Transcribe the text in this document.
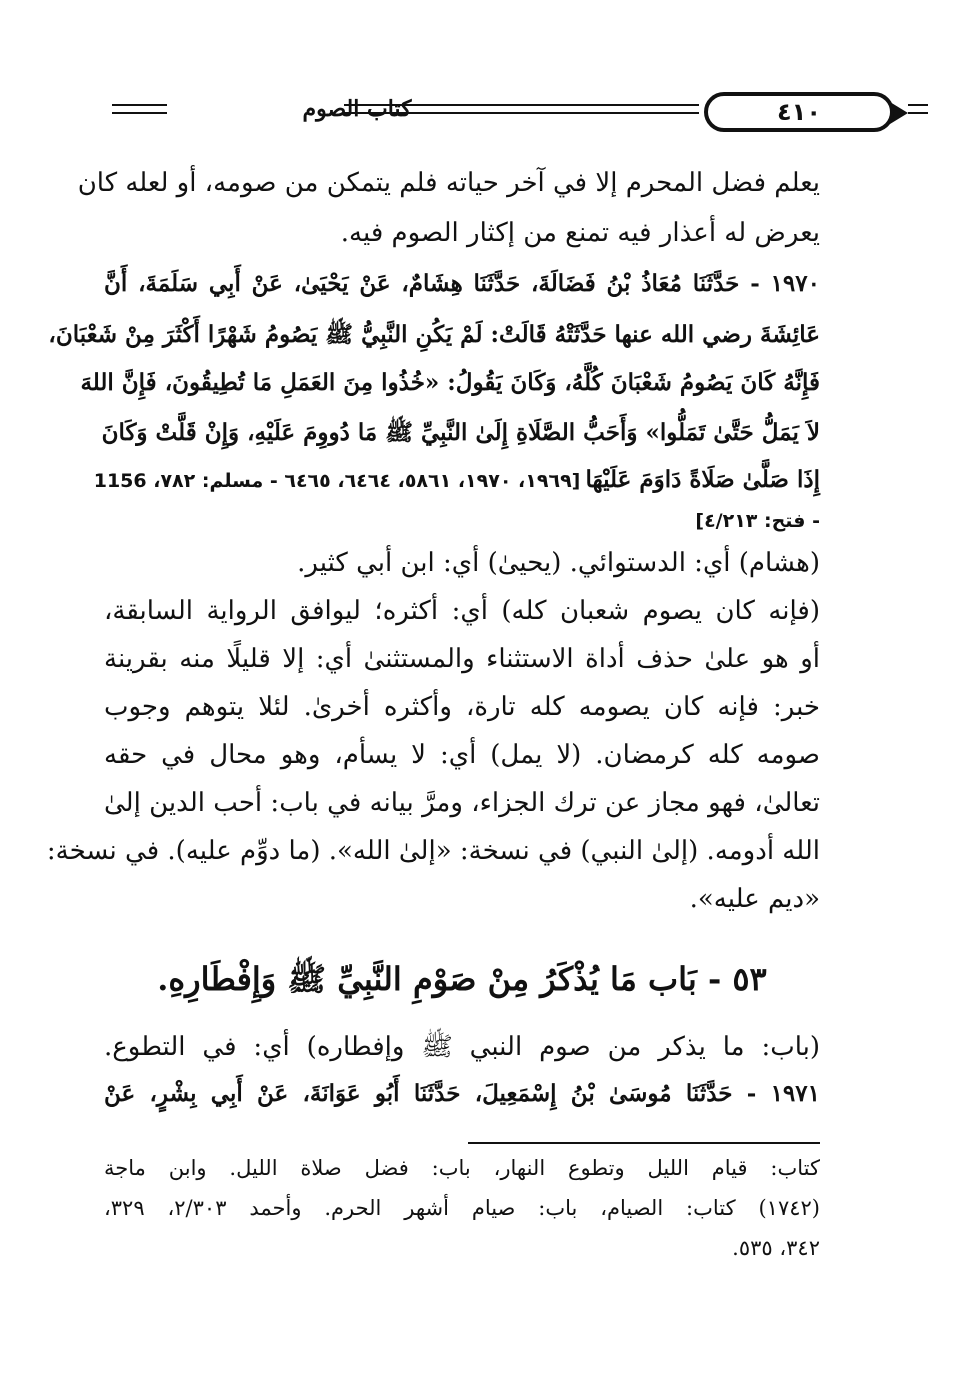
كتاب الصوم	٤١٠
يعلم فضل المحرم إلا في آخر حياته فلم يتمكن من صومه، أو لعله كان
يعرض له أعذار فيه تمنع من إكثار الصوم فيه.
١٩٧٠ - حَدَّثَنَا مُعَاذُ بْنُ فَضَالَةَ، حَدَّثَنَا هِشَامٌ، عَنْ يَحْيَىٰ، عَنْ أَبِي سَلَمَةَ، أَنَّ
عَائِشَةَ رضي الله عنها حَدَّثَتْهُ قَالَتْ: لَمْ يَكُنِ النَّبِيُّ ﷺ يَصُومُ شَهْرًا أَكْثَرَ مِنْ شَعْبَانَ،
فَإِنَّهُ كَانَ يَصُومُ شَعْبَانَ كُلَّهُ، وَكَانَ يَقُولُ: «خُذُوا مِنَ العَمَلِ مَا تُطِيقُونَ، فَإِنَّ اللهَ
لاَ يَمَلُّ حَتَّىٰ تَمَلُّوا» وَأَحَبُّ الصَّلَاةِ إِلَىٰ النَّبِيِّ ﷺ مَا دُووِمَ عَلَيْهِ، وَإِنْ قَلَّتْ وَكَانَ
إِذَا صَلَّىٰ صَلَاةً دَاوَمَ عَلَيْهَا [١٩٦٩، ١٩٧٠، ٥٨٦١، ٦٤٦٤، ٦٤٦٥ - مسلم: ٧٨٢، 1156
- فتح: ٤/٢١٣]
(هشام) أي: الدستوائي. (يحيىٰ) أي: ابن أبي كثير.
(فإنه كان يصوم شعبان كله) أي: أكثره؛ ليوافق الرواية السابقة،
أو هو علىٰ حذف أداة الاستثناء والمستثنىٰ أي: إلا قليلًا منه بقرينة
خبر: فإنه كان يصومه كله تارة، وأكثره أخرىٰ. لئلا يتوهم وجوب
صومه كله كرمضان. (لا يمل) أي: لا يسأم، وهو محال في حقه
تعالىٰ، فهو مجاز عن ترك الجزاء، ومرَّ بيانه في باب: أحب الدين إلىٰ
الله أدومه. (إلىٰ النبي) في نسخة: «إلىٰ الله». (ما دوِّم عليه). في نسخة:
«ديم عليه».
٥٣ - بَاب مَا يُذْكَرُ مِنْ صَوْمِ النَّبِيِّ ﷺ وَإِفْطَارِهِ.
(باب: ما يذكر من صوم النبي ﷺ وإفطاره) أي: في التطوع.
١٩٧١ - حَدَّثَنَا مُوسَىٰ بْنُ إِسْمَعِيلَ، حَدَّثَنَا أَبُو عَوَانَةَ، عَنْ أَبِي بِشْرٍ، عَنْ
كتاب: قيام الليل وتطوع النهار، باب: فضل صلاة الليل. وابن ماجة
(١٧٤٢) كتاب: الصيام، باب: صيام أشهر الحرم. وأحمد ٢/٣٠٣، ٣٢٩،
٣٤٢، ٥٣٥.
